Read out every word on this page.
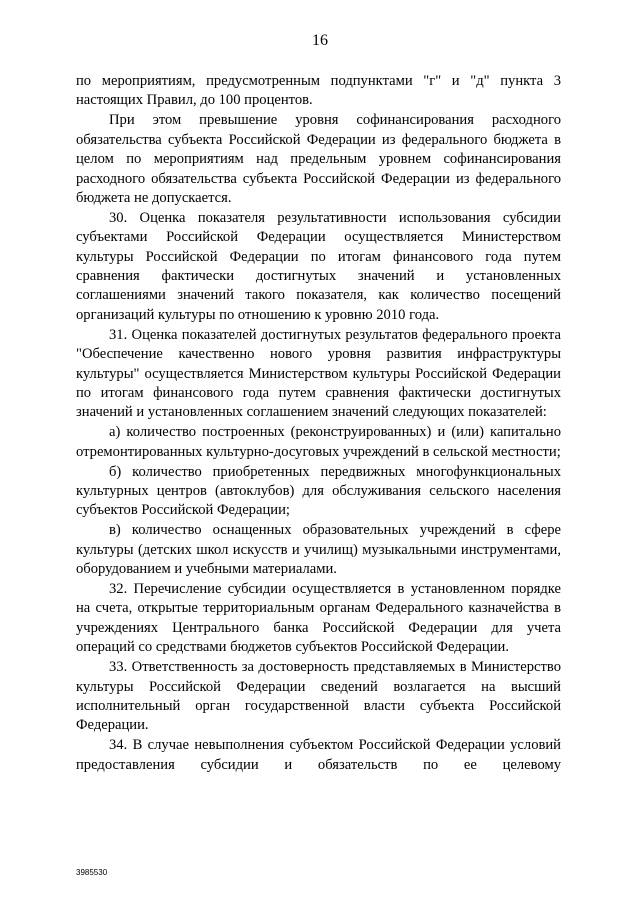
16

по мероприятиям, предусмотренным подпунктами "г" и "д" пункта 3 настоящих Правил, до 100 процентов.

При этом превышение уровня софинансирования расходного обязательства субъекта Российской Федерации из федерального бюджета в целом по мероприятиям над предельным уровнем софинансирования расходного обязательства субъекта Российской Федерации из федерального бюджета не допускается.

30. Оценка показателя результативности использования субсидии субъектами Российской Федерации осуществляется Министерством культуры Российской Федерации по итогам финансового года путем сравнения фактически достигнутых значений и установленных соглашениями значений такого показателя, как количество посещений организаций культуры по отношению к уровню 2010 года.

31. Оценка показателей достигнутых результатов федерального проекта "Обеспечение качественно нового уровня развития инфраструктуры культуры" осуществляется Министерством культуры Российской Федерации по итогам финансового года путем сравнения фактически достигнутых значений и установленных соглашением значений следующих показателей:

а) количество построенных (реконструированных) и (или) капитально отремонтированных культурно-досуговых учреждений в сельской местности;

б) количество приобретенных передвижных многофункциональных культурных центров (автоклубов) для обслуживания сельского населения субъектов Российской Федерации;

в) количество оснащенных образовательных учреждений в сфере культуры (детских школ искусств и училищ) музыкальными инструментами, оборудованием и учебными материалами.

32. Перечисление субсидии осуществляется в установленном порядке на счета, открытые территориальным органам Федерального казначейства в учреждениях Центрального банка Российской Федерации для учета операций со средствами бюджетов субъектов Российской Федерации.

33. Ответственность за достоверность представляемых в Министерство культуры Российской Федерации сведений возлагается на высший исполнительный орган государственной власти субъекта Российской Федерации.

34. В случае невыполнения субъектом Российской Федерации условий предоставления субсидии и обязательств по ее целевому

3985530
